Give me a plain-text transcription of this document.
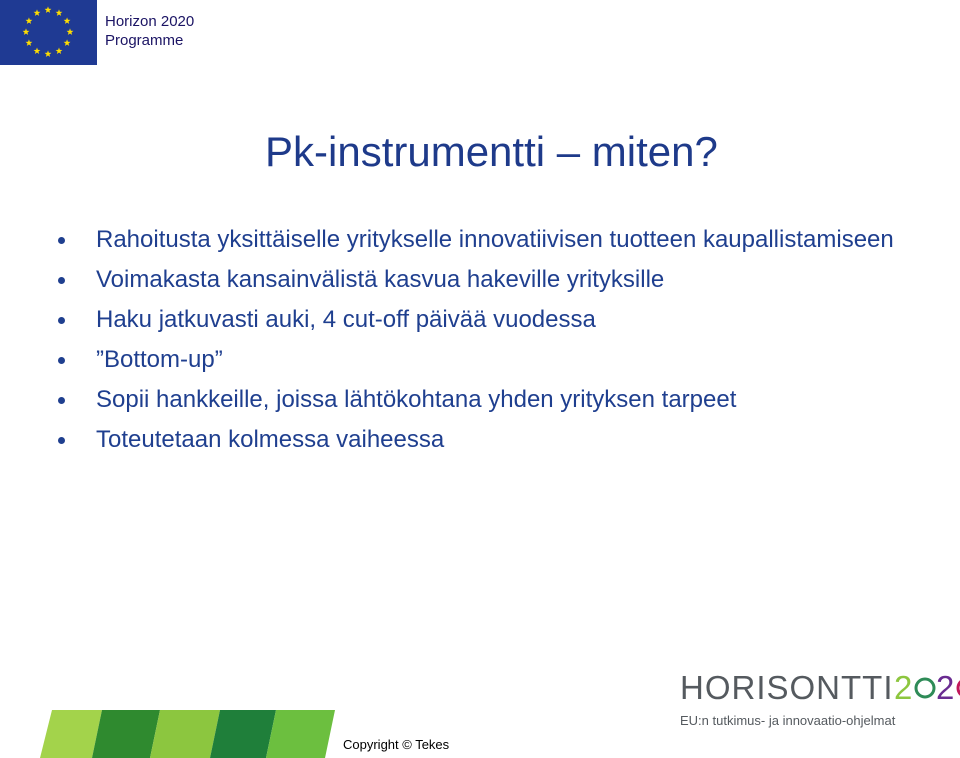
Horizon 2020
Programme
Pk-instrumentti – miten?
Rahoitusta yksittäiselle yritykselle innovatiivisen tuotteen kaupallistamiseen
Voimakasta kansainvälistä kasvua hakeville yrityksille
Haku jatkuvasti auki, 4 cut-off päivää vuodessa
”Bottom-up”
Sopii hankkeille, joissa lähtökohtana yhden yrityksen tarpeet
Toteutetaan kolmessa vaiheessa
HORISONTTI 2 2
EU:n tutkimus- ja innovaatio-ohjelmat
Copyright © Tekes
